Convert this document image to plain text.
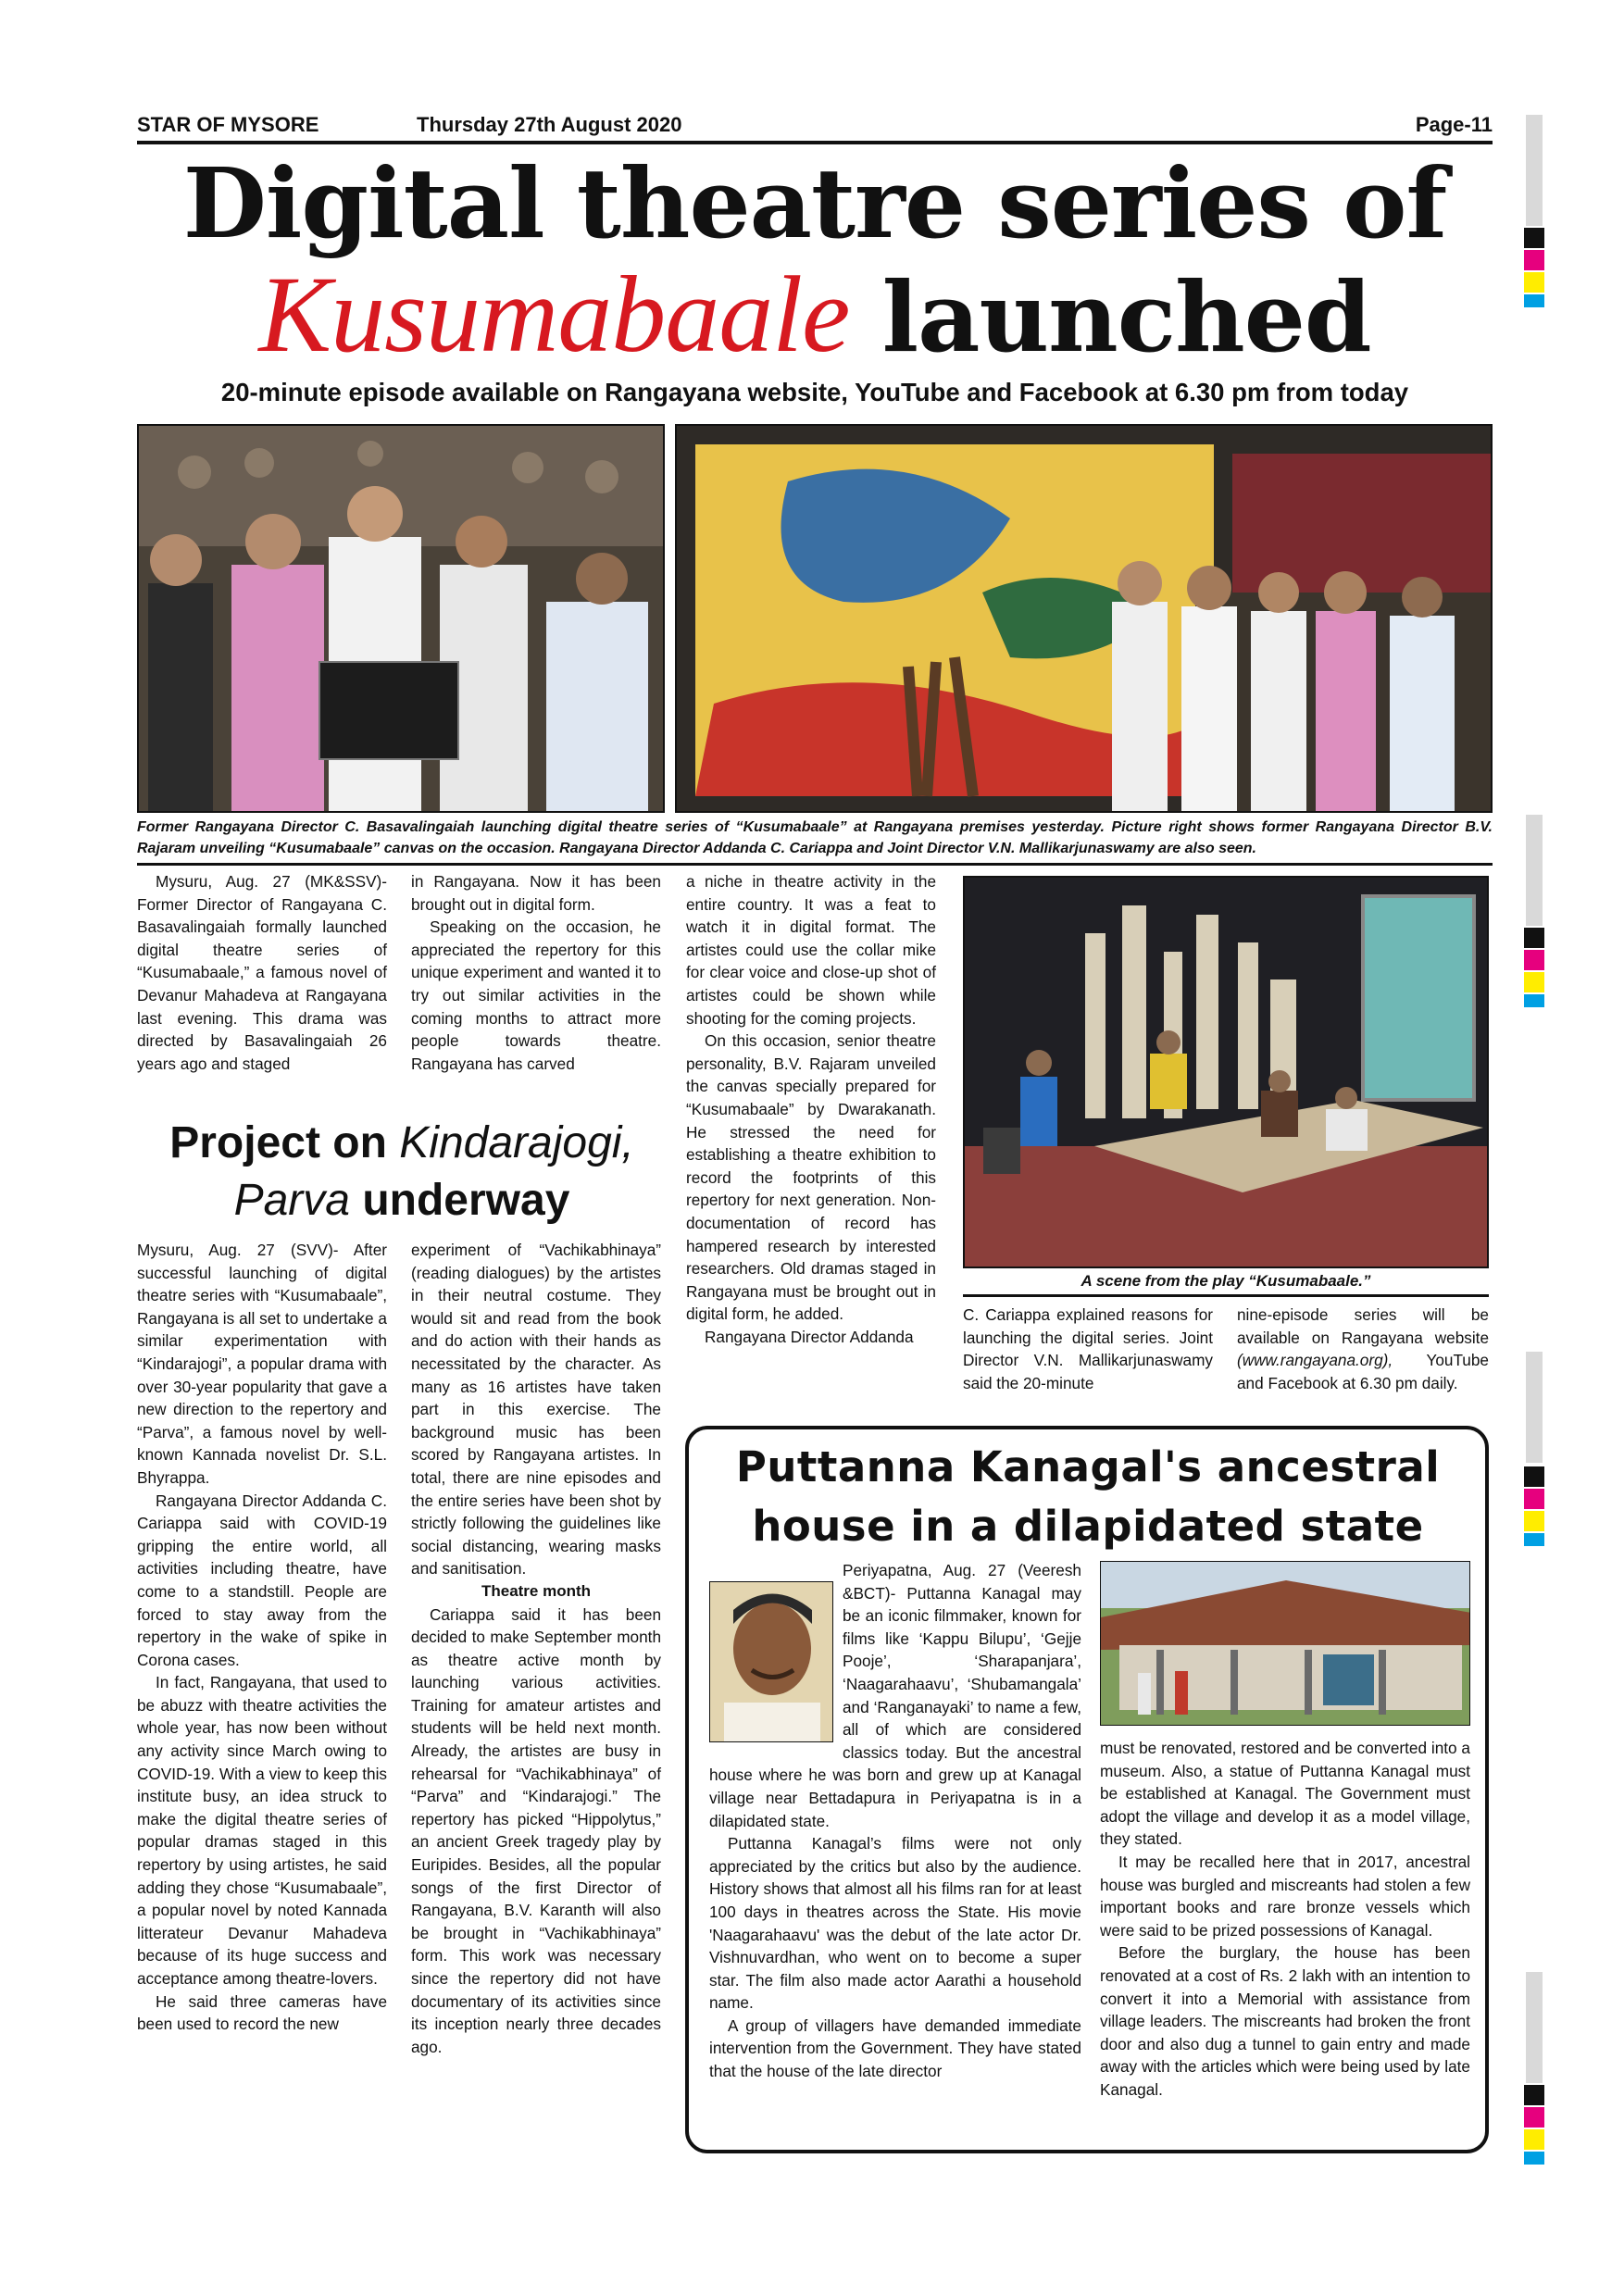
STAR OF MYSORE	Thursday 27th August 2020	Page-11
Digital theatre series of
Kusumabaale launched
20-minute episode available on Rangayana website, YouTube and Facebook at 6.30 pm from today
Former Rangayana Director C. Basavalingaiah launching digital theatre series of “Kusumabaale” at Rangayana premises yesterday. Picture right shows former Rangayana Director B.V. Rajaram unveiling “Kusumabaale” canvas on the occasion. Rangayana Director Addanda C. Cariappa and Joint Director V.N. Mallikarjunaswamy are also seen.

Mysuru, Aug. 27 (MK&SSV)- Former Director of Rangayana C. Basavalingaiah formally launched digital theatre series of “Kusumabaale,” a famous novel of Devanur Mahadeva at Rangayana last evening. This drama was directed by Basavalingaiah 26 years ago and staged

in Rangayana. Now it has been brought out in digital form.

Speaking on the occasion, he appreciated the repertory for this unique experiment and wanted it to try out similar activities in the coming months to attract more people towards theatre. Rangayana has carved

a niche in theatre activity in the entire country. It was a feat to watch it in digital format. The artistes could use the collar mike for clear voice and close-up shot of artistes could be shown while shooting for the coming projects.

On this occasion, senior theatre personality, B.V. Rajaram unveiled the canvas specially prepared for “Kusumabaale” by Dwarakanath. He stressed the need for establishing a theatre exhibition to record the footprints of this repertory for next generation. Non-documentation of record has hampered research by interested researchers. Old dramas staged in Rangayana must be brought out in digital form, he added.

Rangayana Director Addanda

A scene from the play “Kusumabaale.”

C. Cariappa explained reasons for launching the digital series. Joint Director V.N. Mallikarjunaswamy said the 20-minute

nine-episode series will be available on Rangayana website (www.rangayana.org), YouTube and Facebook at 6.30 pm daily.

Project on Kindarajogi,
Parva underway

Mysuru, Aug. 27 (SVV)- After successful launching of digital theatre series with “Kusumabaale”, Rangayana is all set to undertake a similar experimentation with “Kindarajogi”, a popular drama with over 30-year popularity that gave a new direction to the repertory and “Parva”, a famous novel by well-known Kannada novelist Dr. S.L. Bhyrappa.

Rangayana Director Addanda C. Cariappa said with COVID-19 gripping the entire world, all activities including theatre, have come to a standstill. People are forced to stay away from the repertory in the wake of spike in Corona cases.

In fact, Rangayana, that used to be abuzz with theatre activities the whole year, has now been without any activity since March owing to COVID-19. With a view to keep this institute busy, an idea struck to make the digital theatre series of popular dramas staged in this repertory by using artistes, he said adding they chose “Kusumabaale”, a popular novel by noted Kannada litterateur Devanur Mahadeva because of its huge success and acceptance among theatre-lovers.

He said three cameras have been used to record the new

experiment of “Vachikabhinaya” (reading dialogues) by the artistes in their neutral costume. They would sit and read from the book and do action with their hands as necessitated by the character. As many as 16 artistes have taken part in this exercise. The background music has been scored by Rangayana artistes. In total, there are nine episodes and the entire series have been shot by strictly following the guidelines like social distancing, wearing masks and sanitisation.

Theatre month

Cariappa said it has been decided to make September month as theatre active month by launching various activities. Training for amateur artistes and students will be held next month. Already, the artistes are busy in rehearsal for “Vachikabhinaya” of “Parva” and “Kindarajogi.” The repertory has picked “Hippolytus,” an ancient Greek tragedy play by Euripides. Besides, all the popular songs of the first Director of Rangayana, B.V. Karanth will also be brought in “Vachikabhinaya” form. This work was necessary since the repertory did not have documentary of its activities since its inception nearly three decades ago.

Puttanna Kanagal's ancestral
house in a dilapidated state

Periyapatna, Aug. 27 (Veeresh &BCT)- Puttanna Kanagal may be an iconic filmmaker, known for films like ‘Kappu Bilupu’, ‘Gejje Pooje’, ‘Sharapanjara’, ‘Naagarahaavu’, ‘Shubamangala’ and ‘Ranganayaki’ to name a few, all of which are considered classics today. But the ancestral house where he was born and grew up at Kanagal village near Bettadapura in Periyapatna is in a dilapidated state.

Puttanna Kanagal’s films were not only appreciated by the critics but also by the audience. History shows that almost all his films ran for at least 100 days in theatres across the State. His movie 'Naagarahaavu' was the debut of the late actor Dr. Vishnuvardhan, who went on to become a super star. The film also made actor Aarathi a household name.

A group of villagers have demanded immediate intervention from the Government. They have stated that the house of the late director

must be renovated, restored and be converted into a museum. Also, a statue of Puttanna Kanagal must be established at Kanagal. The Government must adopt the village and develop it as a model village, they stated.

It may be recalled here that in 2017, ancestral house was burgled and miscreants had stolen a few important books and rare bronze vessels which were said to be prized possessions of Kanagal.

Before the burglary, the house has been renovated at a cost of Rs. 2 lakh with an intention to convert it into a Memorial with assistance from village leaders. The miscreants had broken the front door and also dug a tunnel to gain entry and made away with the articles which were being used by late Kanagal.
